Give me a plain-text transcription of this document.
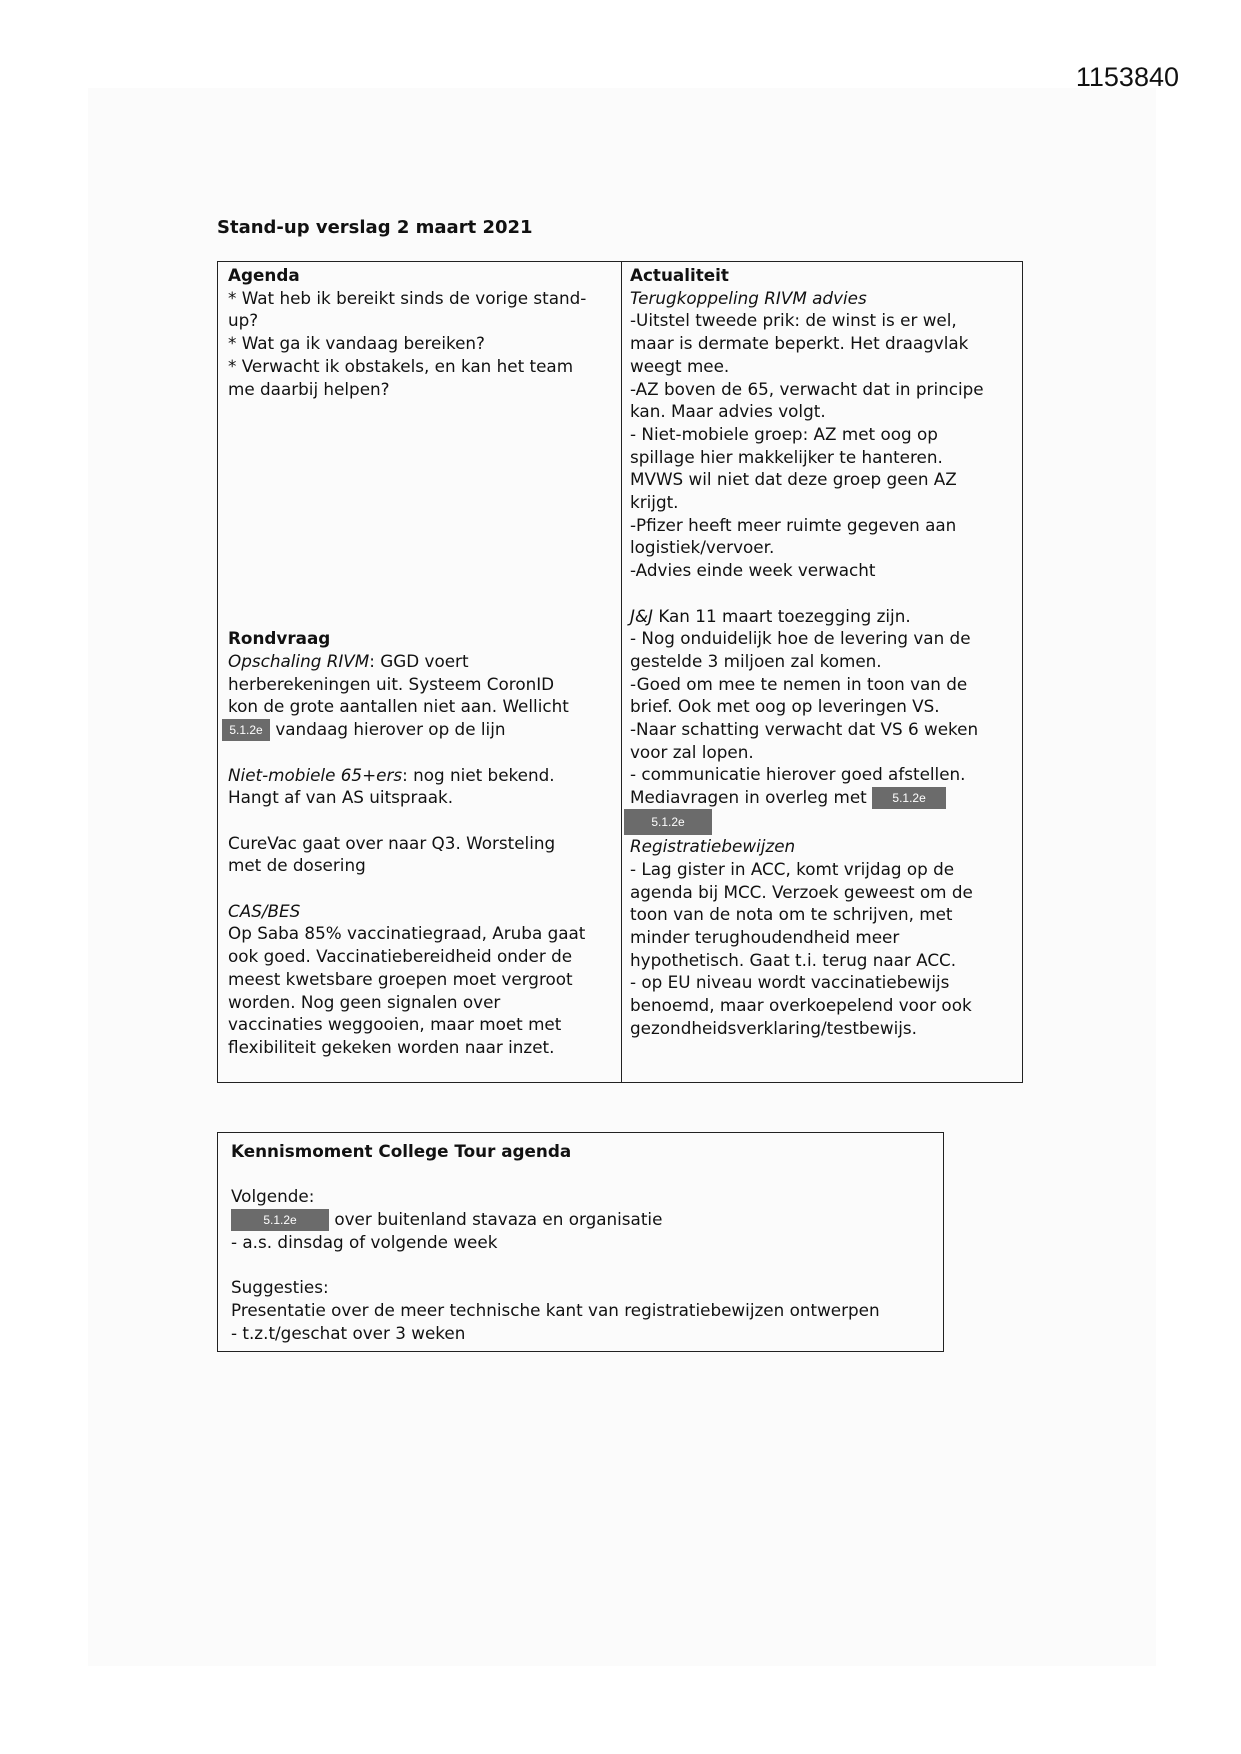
1153840
Stand-up verslag 2 maart 2021

Agenda

* Wat heb ik bereikt sinds de vorige stand-

up?

* Wat ga ik vandaag bereiken?

* Verwacht ik obstakels, en kan het team

me daarbij helpen?

Rondvraag

Opschaling RIVM: GGD voert

herberekeningen uit. Systeem CoronID

kon de grote aantallen niet aan. Wellicht

5.1.2e vandaag hierover op de lijn

Niet-mobiele 65+ers: nog niet bekend.

Hangt af van AS uitspraak.

CureVac gaat over naar Q3. Worsteling

met de dosering

CAS/BES

Op Saba 85% vaccinatiegraad, Aruba gaat

ook goed. Vaccinatiebereidheid onder de

meest kwetsbare groepen moet vergroot

worden. Nog geen signalen over

vaccinaties weggooien, maar moet met

flexibiliteit gekeken worden naar inzet.

Actualiteit

Terugkoppeling RIVM advies

-Uitstel tweede prik: de winst is er wel,

maar is dermate beperkt. Het draagvlak

weegt mee.

-AZ boven de 65, verwacht dat in principe

kan. Maar advies volgt.

- Niet-mobiele groep: AZ met oog op

spillage hier makkelijker te hanteren.

MVWS wil niet dat deze groep geen AZ

krijgt.

-Pfizer heeft meer ruimte gegeven aan

logistiek/vervoer.

-Advies einde week verwacht

J&J Kan 11 maart toezegging zijn.

- Nog onduidelijk hoe de levering van de

gestelde 3 miljoen zal komen.

-Goed om mee te nemen in toon van de

brief. Ook met oog op leveringen VS.

-Naar schatting verwacht dat VS 6 weken

voor zal lopen.

- communicatie hierover goed afstellen.

Mediavragen in overleg met 5.1.2e

5.1.2e

Registratiebewijzen

- Lag gister in ACC, komt vrijdag op de

agenda bij MCC. Verzoek geweest om de

toon van de nota om te schrijven, met

minder terughoudendheid meer

hypothetisch. Gaat t.i. terug naar ACC.

- op EU niveau wordt vaccinatiebewijs

benoemd, maar overkoepelend voor ook

gezondheidsverklaring/testbewijs.

Kennismoment College Tour agenda

Volgende:

5.1.2e over buitenland stavaza en organisatie

- a.s. dinsdag of volgende week

Suggesties:

Presentatie over de meer technische kant van registratiebewijzen ontwerpen

- t.z.t/geschat over 3 weken
